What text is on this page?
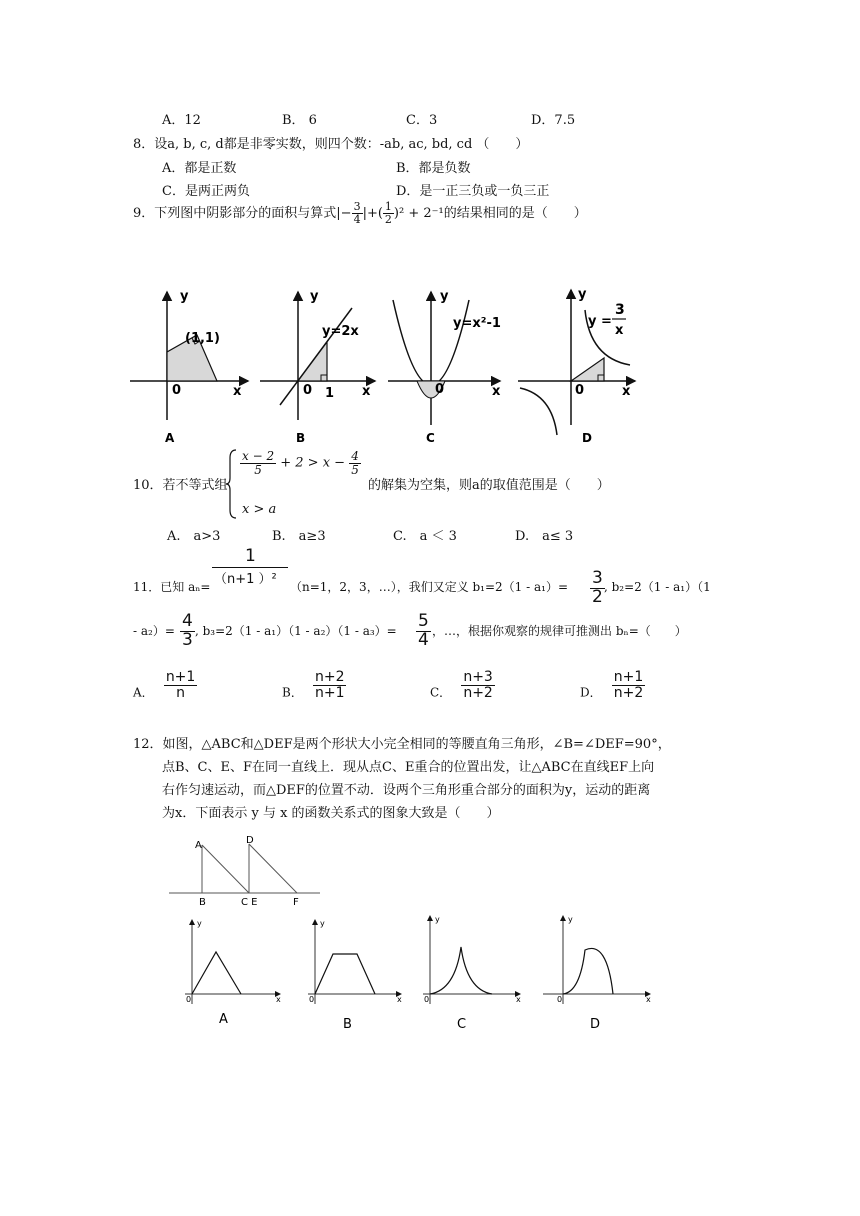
A．12	B． 6	C．3	D．7.5
8．设a, b, c, d都是非零实数，则四个数：-ab, ac, bd, cd （　　）
A．都是正数	B．都是负数
C．是两正两负	D．是一正三负或一负三正
9．下列图中阴影部分的面积与算式|− $\frac{3}{4}$ |+( $\frac{1}{2} )^2 + 2^{-1}$的结果相同的是（　　）
y
x
0
(1,1)
A
y
x
0 1
y=2x
B
y
x
0
y=x²-1
C
y
x
0
y =
3
x
D
10．若不等式组
$\frac{x - 2}{5} + 2 > x - \frac{4}{5}$
x > a
的解集为空集，则a的取值范围是（　　）
A.　a>3	B.　a≥3	C.　a ＜ 3	D.　a≤ 3
1
（n+1 ）²
11．已知 aₙ=	（n=1，2，3，…），我们又定义 $b_1=2(1 - a_1)= \frac{3}{2}$ , b₂=2（1 - a₁）（1
- $a_2)= \frac{4}{3}$ , $b_3=2(1 - a_1)(1 - a_2)(1 - a_3)= \frac{5}{4}$ ，…，根据你观察的规律可推测出 bₙ=（　　）
A． $\frac{n+1}{n}$	B． $\frac{n+2}{n+1}$	C． $\frac{n+3}{n+2}$	D． $\frac{n+1}{n+2}$
12．如图，△ABC和△DEF是两个形状大小完全相同的等腰直角三角形，∠B=∠DEF=90°，
点B、C、E、F在同一直线上．现从点C、E重合的位置出发，让△ABC在直线EF上向
右作匀速运动，而△DEF的位置不动．设两个三角形重合部分的面积为y，运动的距离
为x．下面表示 y 与 x 的函数关系式的图象大致是（　　）
A
B	C E
D
F
y
x
0
A
y
x
0
B
y
x
0
C
y
x
0
D
